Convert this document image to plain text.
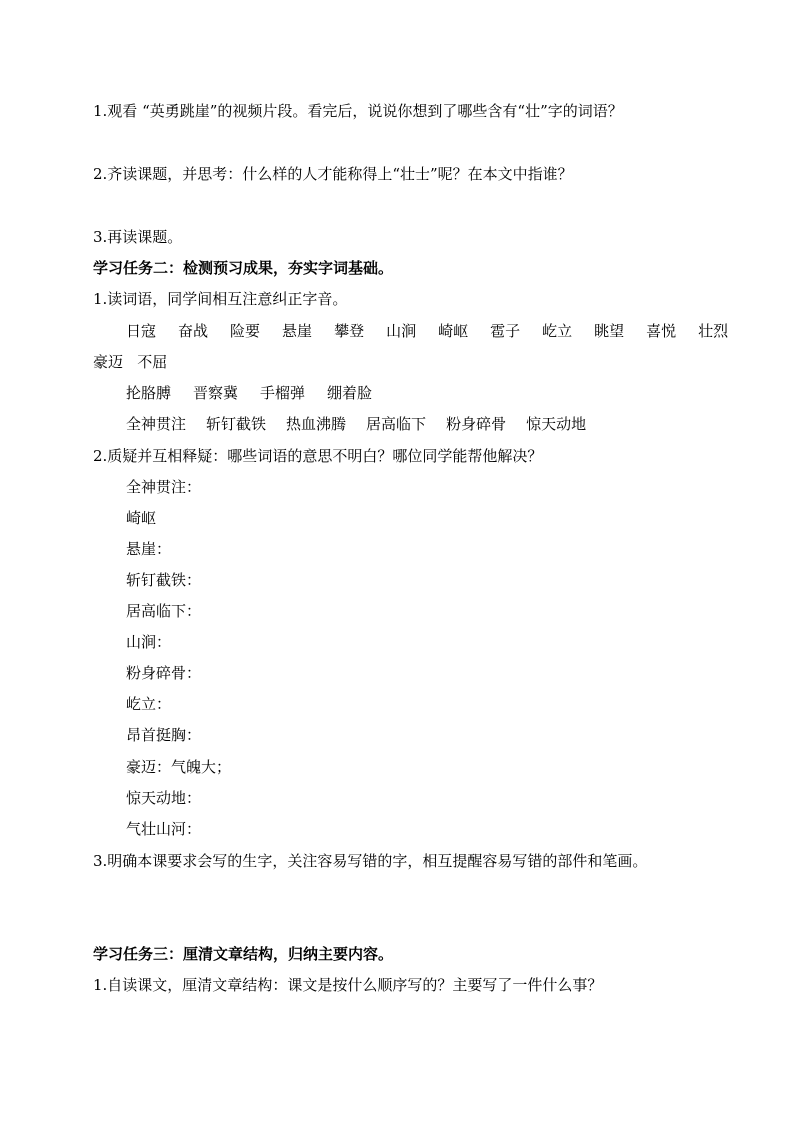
1.观看 “英勇跳崖”的视频片段。看完后，说说你想到了哪些含有“壮”字的词语？
2.齐读课题，并思考：什么样的人才能称得上“壮士”呢？在本文中指谁？
3.再读课题。
学习任务二：检测预习成果，夯实字词基础。
1.读词语，同学间相互注意纠正字音。
日寇 奋战 险要 悬崖 攀登 山涧 崎岖 雹子 屹立 眺望 喜悦 壮烈
豪迈   不屈
抡胳膊 晋察冀 手榴弹 绷着脸
全神贯注 斩钉截铁 热血沸腾 居高临下 粉身碎骨 惊天动地
2.质疑并互相释疑：哪些词语的意思不明白？哪位同学能帮他解决？
全神贯注：
崎岖
悬崖：
斩钉截铁：
居高临下：
山涧：
粉身碎骨：
屹立：
昂首挺胸：
豪迈：气魄大；
惊天动地：
气壮山河：
3.明确本课要求会写的生字，关注容易写错的字，相互提醒容易写错的部件和笔画。
学习任务三：厘清文章结构，归纳主要内容。
1.自读课文，厘清文章结构：课文是按什么顺序写的？主要写了一件什么事？
